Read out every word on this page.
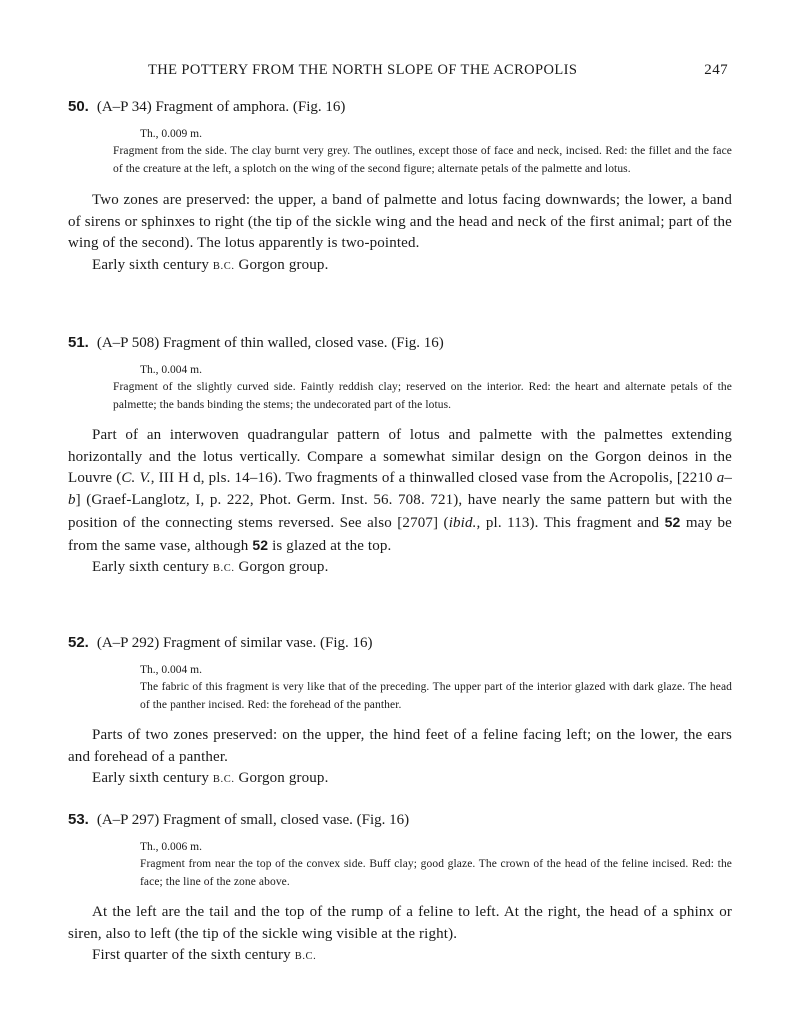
THE POTTERY FROM THE NORTH SLOPE OF THE ACROPOLIS	247
50. (A–P 34) Fragment of amphora. (Fig. 16)
Th., 0.009 m.
Fragment from the side. The clay burnt very grey. The outlines, except those of face and neck, incised. Red: the fillet and the face of the creature at the left, a splotch on the wing of the second figure; alternate petals of the palmette and lotus.
Two zones are preserved: the upper, a band of palmette and lotus facing downwards; the lower, a band of sirens or sphinxes to right (the tip of the sickle wing and the head and neck of the first animal; part of the wing of the second). The lotus apparently is two-pointed.
Early sixth century B.C. Gorgon group.
51. (A–P 508) Fragment of thin walled, closed vase. (Fig. 16)
Th., 0.004 m.
Fragment of the slightly curved side. Faintly reddish clay; reserved on the interior. Red: the heart and alternate petals of the palmette; the bands binding the stems; the undecorated part of the lotus.
Part of an interwoven quadrangular pattern of lotus and palmette with the palmettes extending horizontally and the lotus vertically. Compare a somewhat similar design on the Gorgon deinos in the Louvre (C. V., III H d, pls. 14–16). Two fragments of a thinwalled closed vase from the Acropolis, [2210 a–b] (Graef-Langlotz, I, p. 222, Phot. Germ. Inst. 56. 708. 721), have nearly the same pattern but with the position of the connecting stems reversed. See also [2707] (ibid., pl. 113). This fragment and 52 may be from the same vase, although 52 is glazed at the top.
Early sixth century B.C. Gorgon group.
52. (A–P 292) Fragment of similar vase. (Fig. 16)
Th., 0.004 m.
The fabric of this fragment is very like that of the preceding. The upper part of the interior glazed with dark glaze. The head of the panther incised. Red: the forehead of the panther.
Parts of two zones preserved: on the upper, the hind feet of a feline facing left; on the lower, the ears and forehead of a panther.
Early sixth century B.C. Gorgon group.
53. (A–P 297) Fragment of small, closed vase. (Fig. 16)
Th., 0.006 m.
Fragment from near the top of the convex side. Buff clay; good glaze. The crown of the head of the feline incised. Red: the face; the line of the zone above.
At the left are the tail and the top of the rump of a feline to left. At the right, the head of a sphinx or siren, also to left (the tip of the sickle wing visible at the right).
First quarter of the sixth century B.C.
